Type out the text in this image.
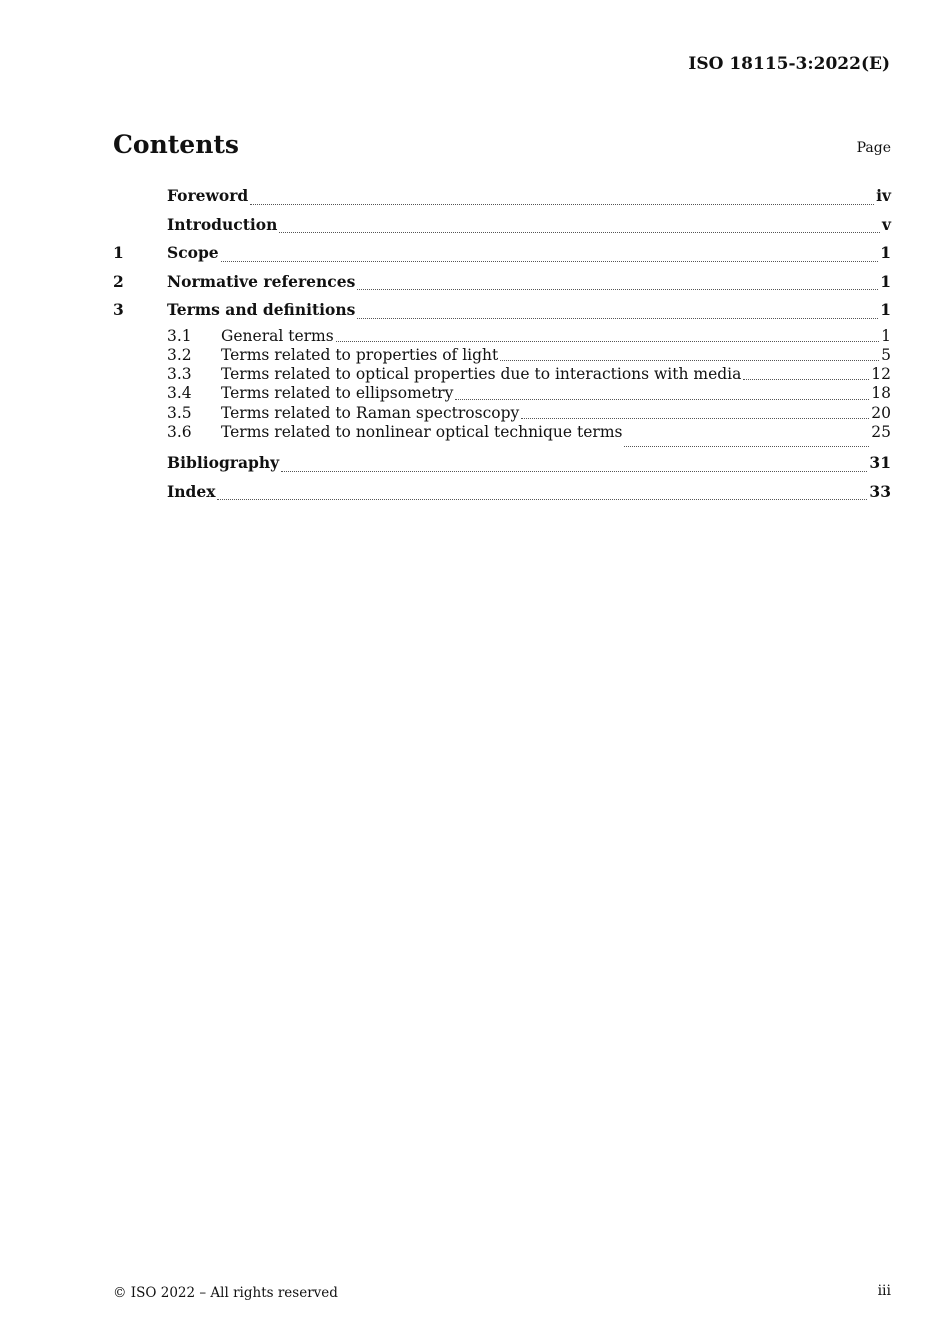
ISO 18115-3:2022(E)
Contents	Page
Foreword	iv
Introduction	v
1	Scope	1
2	Normative references	1
3	Terms and definitions	1
3.1	General terms	1
3.2	Terms related to properties of light	5
3.3	Terms related to optical properties due to interactions with media	12
3.4	Terms related to ellipsometry	18
3.5	Terms related to Raman spectroscopy	20
3.6	Terms related to nonlinear optical technique terms	25
Bibliography	31
Index	33
© ISO 2022 – All rights reserved	iii
